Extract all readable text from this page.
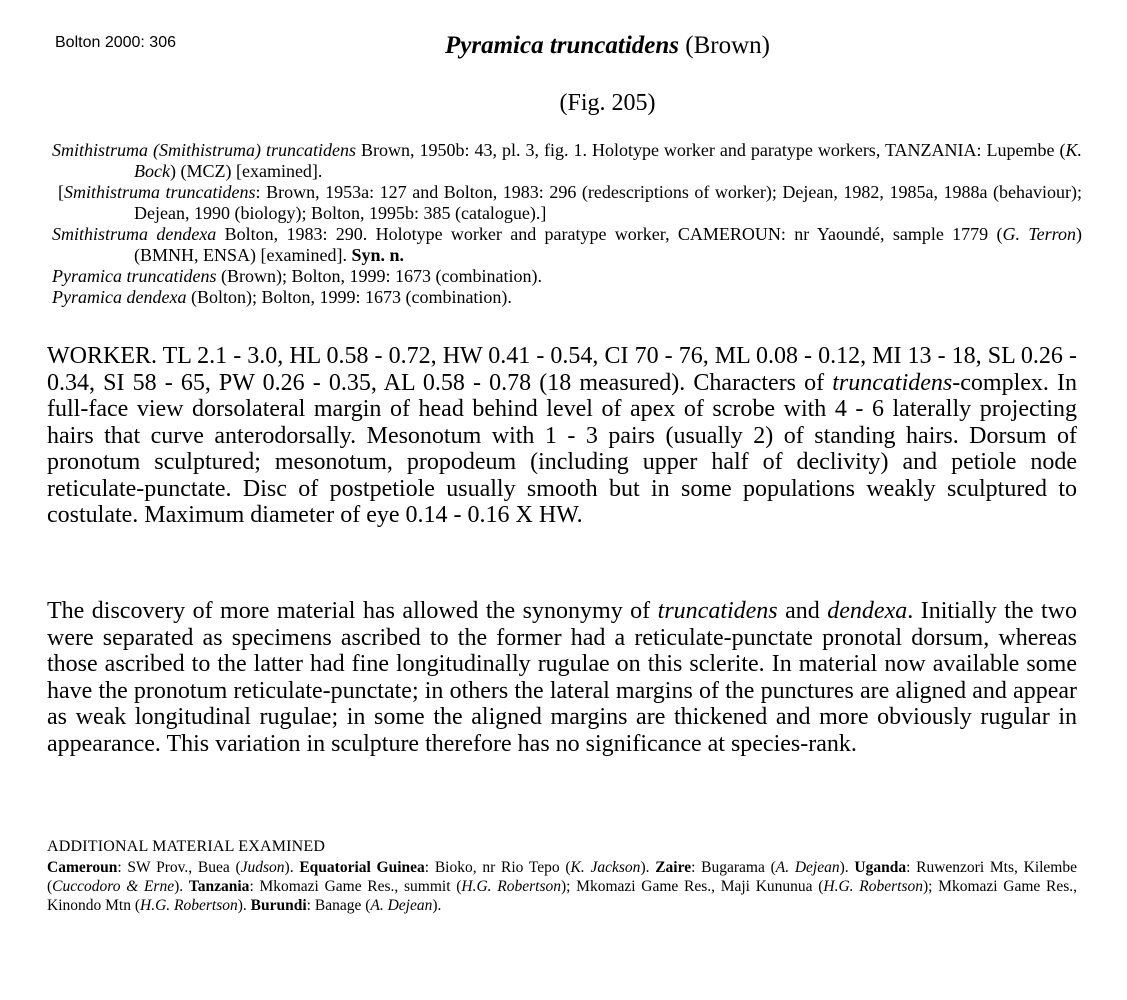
Bolton 2000: 306	Pyramica truncatidens (Brown)
(Fig. 205)
Smithistruma (Smithistruma) truncatidens Brown, 1950b: 43, pl. 3, fig. 1. Holotype worker and paratype workers, TANZANIA: Lupembe (K. Bock) (MCZ) [examined].
[Smithistruma truncatidens: Brown, 1953a: 127 and Bolton, 1983: 296 (redescriptions of worker); Dejean, 1982, 1985a, 1988a (behaviour); Dejean, 1990 (biology); Bolton, 1995b: 385 (catalogue).]
Smithistruma dendexa Bolton, 1983: 290. Holotype worker and paratype worker, CAMEROUN: nr Yaoundé, sample 1779 (G. Terron) (BMNH, ENSA) [examined]. Syn. n.
Pyramica truncatidens (Brown); Bolton, 1999: 1673 (combination).
Pyramica dendexa (Bolton); Bolton, 1999: 1673 (combination).
WORKER. TL 2.1 - 3.0, HL 0.58 - 0.72, HW 0.41 - 0.54, CI 70 - 76, ML 0.08 - 0.12, MI 13 - 18, SL 0.26 - 0.34, SI 58 - 65, PW 0.26 - 0.35, AL 0.58 - 0.78 (18 measured). Characters of truncatidens-complex. In full-face view dorsolateral margin of head behind level of apex of scrobe with 4 - 6 laterally projecting hairs that curve anterodorsally. Mesonotum with 1 - 3 pairs (usually 2) of standing hairs. Dorsum of pronotum sculptured; mesonotum, propodeum (including upper half of declivity) and petiole node reticulate-punctate. Disc of postpetiole usually smooth but in some populations weakly sculptured to costulate. Maximum diameter of eye 0.14 - 0.16 X HW.
The discovery of more material has allowed the synonymy of truncatidens and dendexa. Initially the two were separated as specimens ascribed to the former had a reticulate-punctate pronotal dorsum, whereas those ascribed to the latter had fine longitudinally rugulae on this sclerite. In material now available some have the pronotum reticulate-punctate; in others the lateral margins of the punctures are aligned and appear as weak longitudinal rugulae; in some the aligned margins are thickened and more obviously rugular in appearance. This variation in sculpture therefore has no significance at species-rank.
ADDITIONAL MATERIAL EXAMINED
Cameroun: SW Prov., Buea (Judson). Equatorial Guinea: Bioko, nr Rio Tepo (K. Jackson). Zaire: Bugarama (A. Dejean). Uganda: Ruwenzori Mts, Kilembe (Cuccodoro & Erne). Tanzania: Mkomazi Game Res., summit (H.G. Robertson); Mkomazi Game Res., Maji Kununua (H.G. Robertson); Mkomazi Game Res., Kinondo Mtn (H.G. Robertson). Burundi: Banage (A. Dejean).
